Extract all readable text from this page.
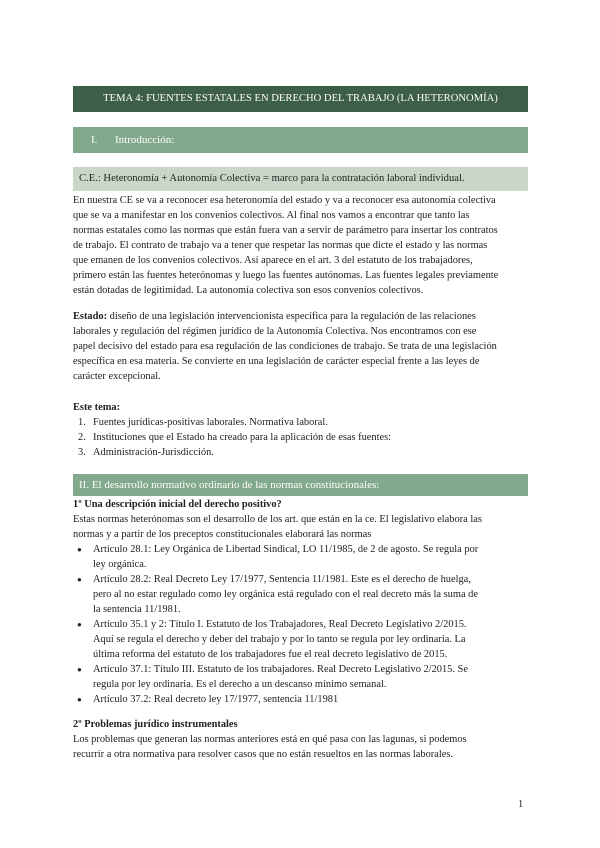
TEMA 4: FUENTES ESTATALES EN DERECHO DEL TRABAJO (LA HETERONOMÍA)
I. Introducción:
C.E.: Heteronomía + Autonomía Colectiva = marco para la contratación laboral individual.

En nuestra CE se va a reconocer esa heteronomía del estado y va a reconocer esa autonomía colectiva

que se va a manifestar en los convenios colectivos. Al final nos vamos a encontrar que tanto las

normas estatales como las normas que están fuera van a servir de parámetro para insertar los contratos

de trabajo. El contrato de trabajo va a tener que respetar las normas que dicte el estado y las normas

que emanen de los convenios colectivos. Así aparece en el art. 3 del estatuto de los trabajadores,

primero están las fuentes heterónomas y luego las fuentes autónomas. Las fuentes legales previamente

están dotadas de legitimidad. La autonomía colectiva son esos convenios colectivos.

Estado: diseño de una legislación intervencionista específica para la regulación de las relaciones

laborales y regulación del régimen jurídico de la Autonomía Colectiva. Nos encontramos con ese

papel decisivo del estado para esa regulación de las condiciones de trabajo. Se trata de una legislación

específica en esa materia. Se convierte en una legislación de carácter especial frente a las leyes de

carácter excepcional.

Este tema:

1. Fuentes jurídicas-positivas laborales. Normativa laboral.
2. Instituciones que el Estado ha creado para la aplicación de esas fuentes:
3. Administración-Jurisdicción.
II. El desarrollo normativo ordinario de las normas constitucionales:

1º Una descripción inicial del derecho positivo?

Estas normas heterónomas son el desarrollo de los art. que están en la ce. El legislativo elabora las

normas y a partir de los preceptos constitucionales elaborará las normas

● Artículo 28.1: Ley Orgánica de Libertad Sindical, LO 11/1985, de 2 de agosto. Se regula por
ley orgánica.
● Artículo 28.2: Real Decreto Ley 17/1977, Sentencia 11/1981. Este es el derecho de huelga,
pero al no estar regulado como ley orgánica está regulado con el real decreto más la suma de
la sentencia 11/1981.
● Artículo 35.1 y 2: Título I. Estatuto de los Trabajadores, Real Decreto Legislativo 2/2015.
Aquí se regula el derecho y deber del trabajo y por lo tanto se regula por ley ordinaria. La
última reforma del estatuto de los trabajadores fue el real decreto legislativo de 2015.
● Artículo 37.1: Título III. Estatuto de los trabajadores. Real Decreto Legislativo 2/2015. Se
regula por ley ordinaria. Es el derecho a un descanso mínimo semanal.
● Artículo 37.2: Real decreto ley 17/1977, sentencia 11/1981

2º Problemas jurídico instrumentales

Los problemas que generan las normas anteriores está en qué pasa con las lagunas, si podemos

recurrir a otra normativa para resolver casos que no están resueltos en las normas laborales.

1
